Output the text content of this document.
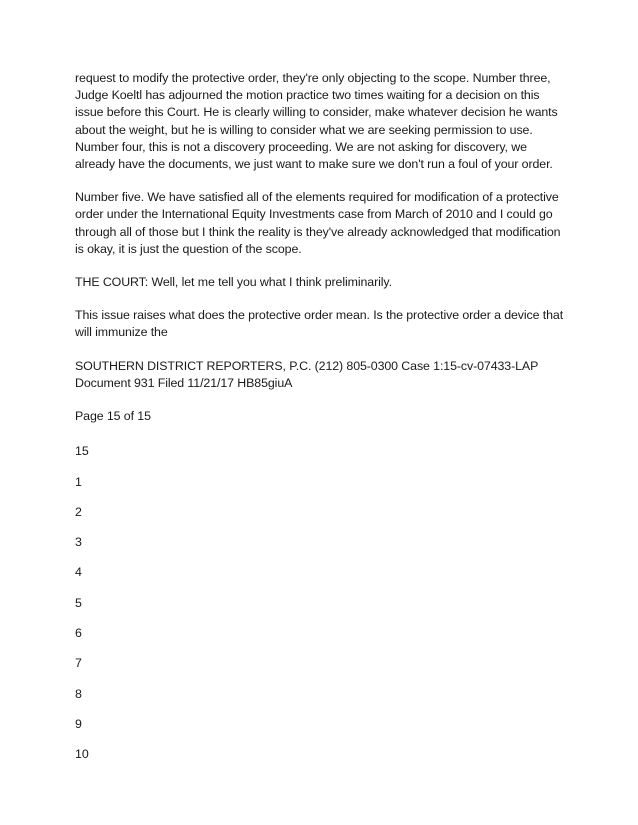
request to modify the protective order, they're only objecting to the scope. Number three, Judge Koeltl has adjourned the motion practice two times waiting for a decision on this issue before this Court. He is clearly willing to consider, make whatever decision he wants about the weight, but he is willing to consider what we are seeking permission to use. Number four, this is not a discovery proceeding. We are not asking for discovery, we already have the documents, we just want to make sure we don't run a foul of your order.

Number five. We have satisfied all of the elements required for modification of a protective order under the International Equity Investments case from March of 2010 and I could go through all of those but I think the reality is they've already acknowledged that modification is okay, it is just the question of the scope.

THE COURT: Well, let me tell you what I think preliminarily.

This issue raises what does the protective order mean. Is the protective order a device that will immunize the

SOUTHERN DISTRICT REPORTERS, P.C. (212) 805-0300 Case 1:15-cv-07433-LAP Document 931 Filed 11/21/17 HB85giuA

Page 15 of 15

15
1
2
3
4
5
6
7
8
9
10
